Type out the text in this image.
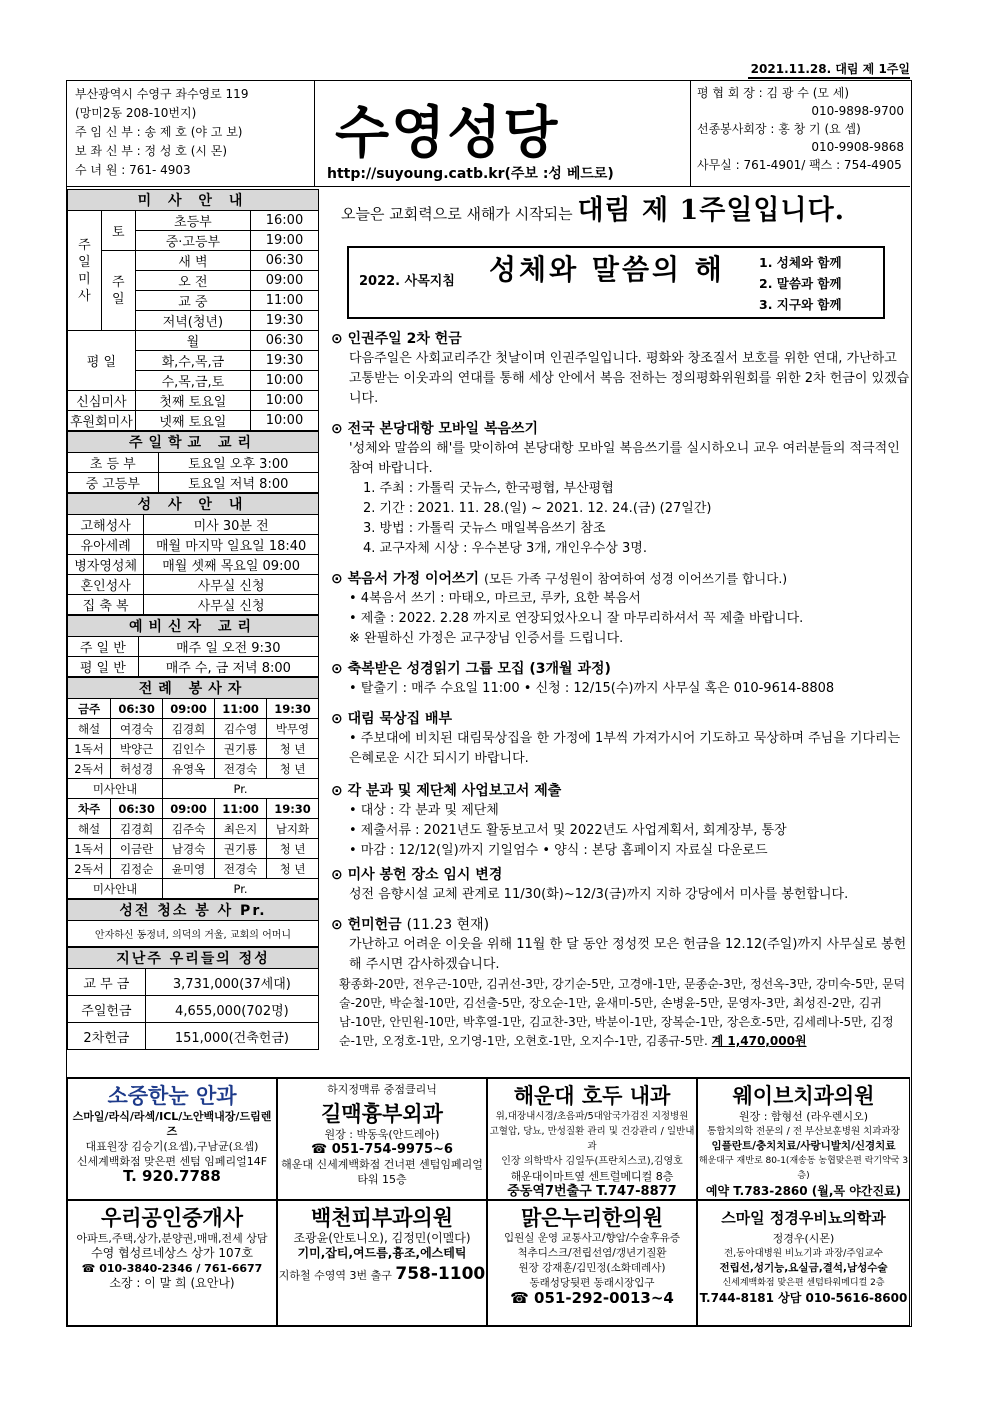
2021.11.28. 대림 제 1주일
부산광역시 수영구 좌수영로 119
(망미2동 208-10번지)
주 임 신 부 : 송 제 호 (야 고 보)
보 좌 신 부 : 정 성 호 (시 몬)
수 녀 원 : 761- 4903
수영성당
http://suyoung.catb.kr(주보 :성 베드로)
평 협 회 장 : 김 광 수 (모 세)
010-9898-9700
선종봉사회장 : 홍 창 기 (요 셉)
010-9908-9868
사무실 : 761-4901/ 팩스 : 754-4905
미 사 안 내			
주
일
미
사	토	초등부	16:00
		중·고등부	19:00
	주
일	새 벽	06:30
		오 전	09:00
		교 중	11:00
		저녁(청년)	19:30
평 일		월	06:30
		화,수,목,금	19:30
		수,목,금,토	10:00
신심미사		첫째 토요일	10:00
후원회미사		넷째 토요일	10:00
주일학교 교리	
초 등 부	토요일 오후 3:00
중 고등부	토요일 저녁 8:00
성 사 안 내	
고해성사	미사 30분 전
유아세례	매월 마지막 일요일 18:40
병자영성체	매월 셋째 목요일 09:00
혼인성사	사무실 신청
집 축 복	사무실 신청
예비신자 교리	
주 일 반	매주 일 오전 9:30
평 일 반	매주 수, 금 저녁 8:00
전례 봉사자				
금주	06:30	09:00	11:00	19:30
해설	여경숙	김경희	김수영	박무영
1독서	박양근	김인수	권기룡	청 년
2독서	허성경	유영옥	전경숙	청 년
미사안내		Pr.		
차주	06:30	09:00	11:00	19:30
해설	김경희	김주숙	최은지	남지화
1독서	이금란	남경숙	권기룡	청 년
2독서	김정순	윤미영	전경숙	청 년
미사안내		Pr.		
성전 청소 봉 사 Pr.
안자하신 동정녀, 의덕의 거울, 교회의 어머니
지난주 우리들의 정성	
교 무 금	3,731,000(37세대)
주일헌금	4,655,000(702명)
2차헌금	151,000(건축헌금)
오늘은 교회력으로 새해가 시작되는 대림 제 1주일입니다.
2022. 사목지침 성체와 말씀의 해	1. 성체와 함께
2. 말씀과 함께
3. 지구와 함께
⊙ 인권주일 2차 헌금
다음주일은 사회교리주간 첫날이며 인권주일입니다. 평화와 창조질서 보호를 위한 연대, 가난하고 고통받는 이웃과의 연대를 통해 세상 안에서 복음 전하는 정의평화위원회를 위한 2차 헌금이 있겠습니다.
⊙ 전국 본당대항 모바일 복음쓰기
'성체와 말씀의 해'를 맞이하여 본당대항 모바일 복음쓰기를 실시하오니 교우 여러분들의 적극적인 참여 바랍니다.
1. 주최 : 가톨릭 굿뉴스, 한국평협, 부산평협
2. 기간 : 2021. 11. 28.(일) ~ 2021. 12. 24.(금) (27일간)
3. 방법 : 가톨릭 굿뉴스 매일복음쓰기 참조
4. 교구자체 시상 : 우수본당 3개, 개인우수상 3명.
⊙ 복음서 가정 이어쓰기 (모든 가족 구성원이 참여하여 성경 이어쓰기를 합니다.)
• 4복음서 쓰기 : 마태오, 마르코, 루카, 요한 복음서
• 제출 : 2022. 2.28 까지로 연장되었사오니 잘 마무리하셔서 꼭 제출 바랍니다.
※ 완필하신 가정은 교구장님 인증서를 드립니다.
⊙ 축복받은 성경읽기 그룹 모집 (3개월 과정)
• 탈출기 : 매주 수요일 11:00 • 신청 : 12/15(수)까지 사무실 혹은 010-9614-8808
⊙ 대림 묵상집 배부
• 주보대에 비치된 대림묵상집을 한 가정에 1부씩 가져가시어 기도하고 묵상하며 주님을 기다리는 은혜로운 시간 되시기 바랍니다.
⊙ 각 분과 및 제단체 사업보고서 제출
• 대상 : 각 분과 및 제단체
• 제출서류 : 2021년도 활동보고서 및 2022년도 사업계획서, 회계장부, 통장
• 마감 : 12/12(일)까지 기일엄수 • 양식 : 본당 홈페이지 자료실 다운로드
⊙ 미사 봉헌 장소 임시 변경
성전 음향시설 교체 관계로 11/30(화)~12/3(금)까지 지하 강당에서 미사를 봉헌합니다.
⊙ 헌미헌금 (11.23 현재)
가난하고 어려운 이웃을 위해 11월 한 달 동안 정성껏 모은 헌금을 12.12(주일)까지 사무실로 봉헌해 주시면 감사하겠습니다.
황종화-20만, 전우근-10만, 김귀선-3만, 강기순-5만, 고경애-1만, 문종순-3만, 정선옥-3만, 강미숙-5만, 문덕술-20만, 박순철-10만, 김선출-5만, 장오순-1만, 윤새미-5만, 손병윤-5만, 문영자-3만, 최성진-2만, 김귀남-10만, 안민원-10만, 박후열-1만, 김교찬-3만, 박분이-1만, 장복순-1만, 장은호-5만, 김세레나-5만, 김정순-1만, 오정호-1만, 오기영-1만, 오현호-1만, 오지수-1만, 김종규-5만. 계 1,470,000원
소중한눈 안과
스마일/라식/라섹/ICL/노안백내장/드림렌즈
대표원장 김승기(요셉),구남균(요셉)
신세계백화점 맞은편 센텀 임페리얼14F
T. 920.7788
하지정맥류 중점클리닉
길맥흉부외과
원장 : 박동욱(안드레아)
☎ 051-754-9975~6
해운대 신세계백화점 건너편 센텀임페리얼타워 15층
해운대 호두 내과
위,대장내시경/초음파/5대암국가검진 지정병원
고혈압, 당뇨, 만성질환 관리 및 건강관리 / 일반내과
인장 의학박사 김일두(프란치스코),김영호
해운대이마트옆 센트럴메디컬 8층
중동역7번출구 T.747-8877
웨이브치과의원
원장 : 함형선 (라우렌시오)
통합치의학 전문의 / 전 부산보훈병원 치과과장
임플란트/충치치료/사랑니발치/신경치료
해운대구 재반로 80-1(재송동 농협맞은편 락기약국 3층)
예약 T.783-2860 (월,목 야간진료)
우리공인중개사
아파트,주택,상가,분양권,매매,전세 상담
수영 협성르네상스 상가 107호
☎ 010-3840-2346 / 761-6677
소장 : 이 말 희 (요안나)
백천피부과의원
조광윤(안토니오), 김정민(이멜다)
기미,잡티,여드름,흉조,에스테틱
지하철 수영역 3번 출구 758-1100
맑은누리한의원
입원실 운영 교통사고/향암/수술후유증
척추디스크/전립선염/갱년기질환
원장 강재훈/김민정(소화데레사)
동래성당뒷편 동래시장입구
☎ 051-292-0013~4
스마일 정경우비뇨의학과
정경우(시몬)
전,동아대병원 비뇨기과 과장/주임교수
전립선,성기능,요실금,결석,남성수술
신세계백화점 맞은편 센텀타워메디컬 2층
T.744-8181 상담 010-5616-8600
